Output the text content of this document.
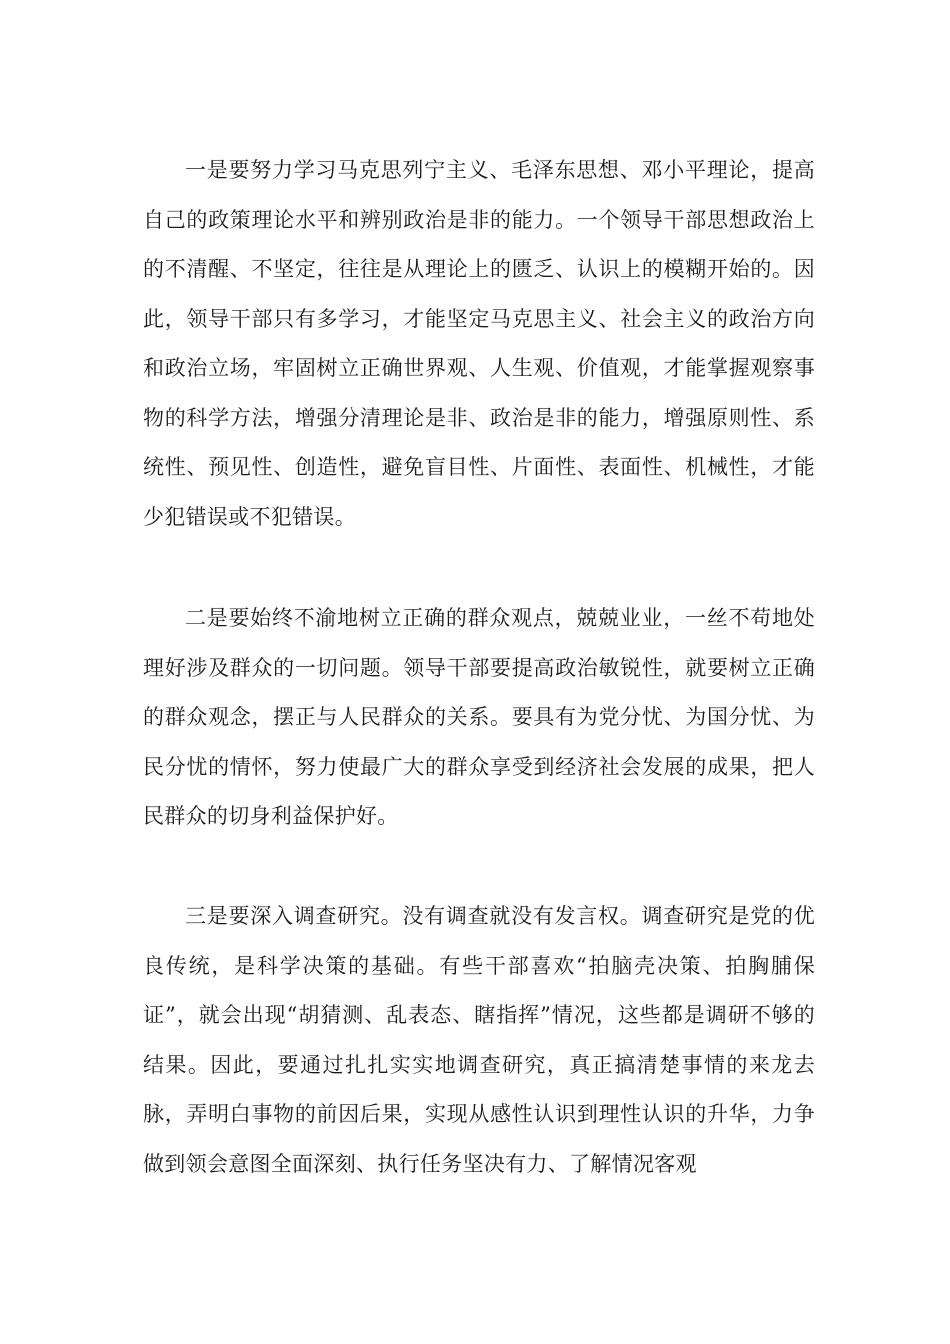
一是要努力学习马克思列宁主义、毛泽东思想、邓小平理论，提高自己的政策理论水平和辨别政治是非的能力。一个领导干部思想政治上的不清醒、不坚定，往往是从理论上的匮乏、认识上的模糊开始的。因此，领导干部只有多学习，才能坚定马克思主义、社会主义的政治方向和政治立场，牢固树立正确世界观、人生观、价值观，才能掌握观察事物的科学方法，增强分清理论是非、政治是非的能力，增强原则性、系统性、预见性、创造性，避免盲目性、片面性、表面性、机械性，才能少犯错误或不犯错误。

二是要始终不渝地树立正确的群众观点，兢兢业业，一丝不苟地处理好涉及群众的一切问题。领导干部要提高政治敏锐性，就要树立正确的群众观念，摆正与人民群众的关系。要具有为党分忧、为国分忧、为民分忧的情怀，努力使最广大的群众享受到经济社会发展的成果，把人民群众的切身利益保护好。

三是要深入调查研究。没有调查就没有发言权。调查研究是党的优良传统，是科学决策的基础。有些干部喜欢“拍脑壳决策、拍胸脯保证”，就会出现“胡猜测、乱表态、瞎指挥”情况，这些都是调研不够的结果。因此，要通过扎扎实实地调查研究，真正搞清楚事情的来龙去脉，弄明白事物的前因后果，实现从感性认识到理性认识的升华，力争做到领会意图全面深刻、执行任务坚决有力、了解情况客观
